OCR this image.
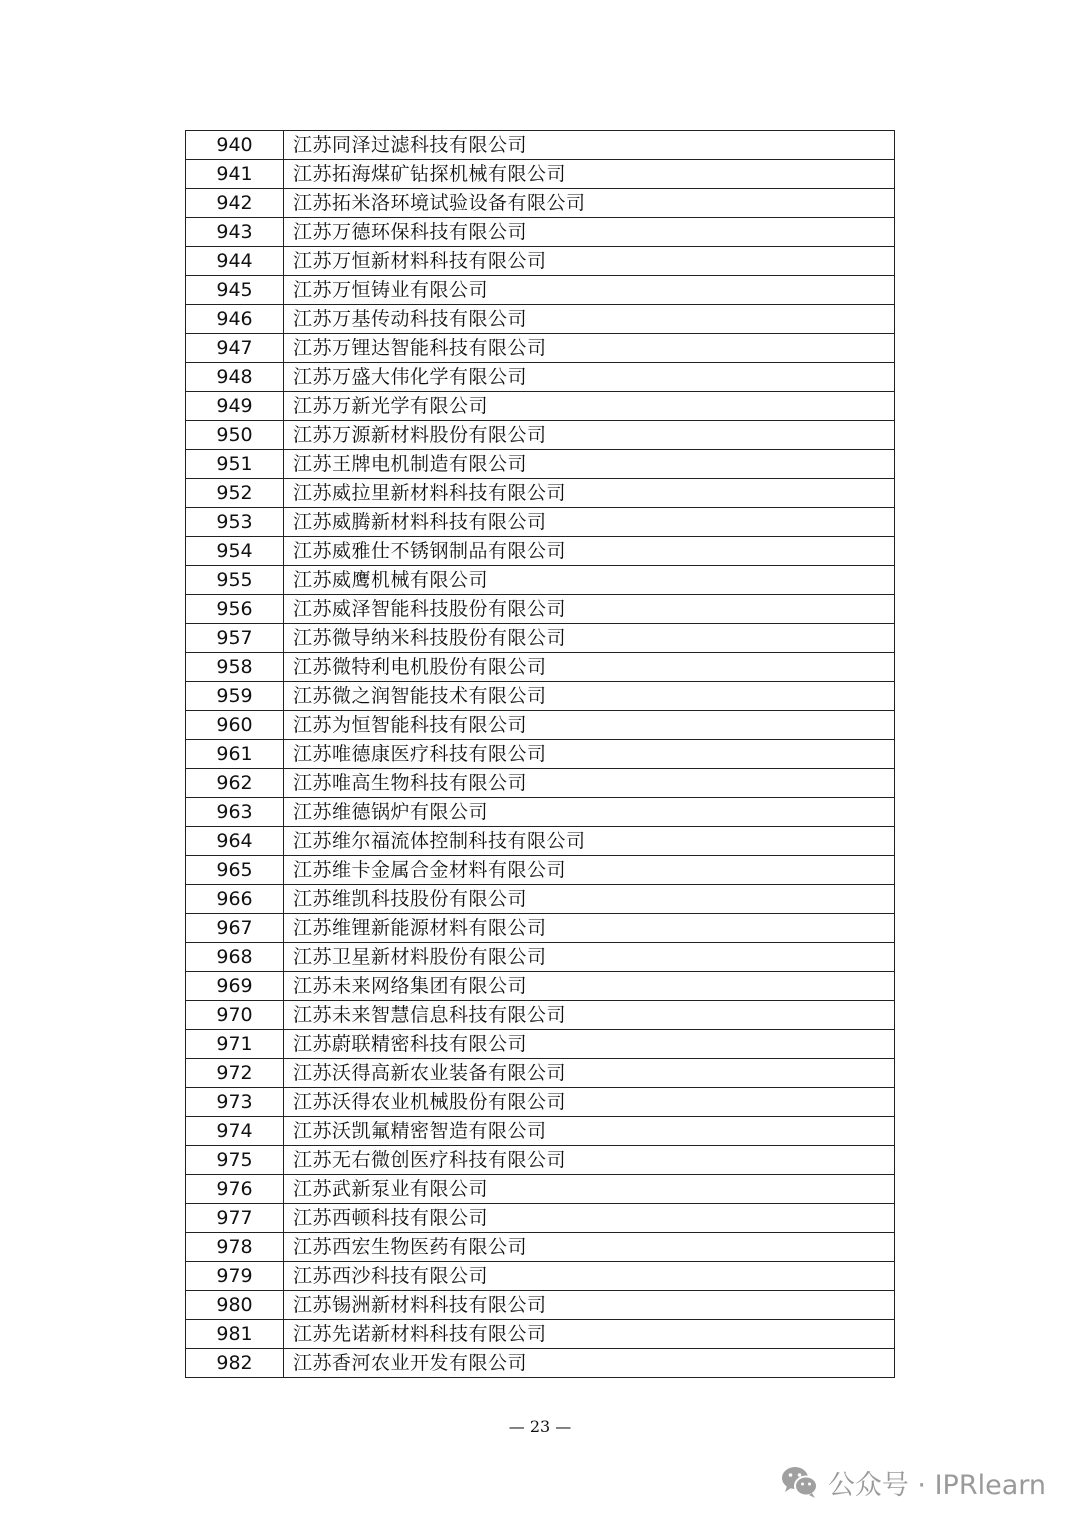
940	江苏同泽过滤科技有限公司
941	江苏拓海煤矿钻探机械有限公司
942	江苏拓米洛环境试验设备有限公司
943	江苏万德环保科技有限公司
944	江苏万恒新材料科技有限公司
945	江苏万恒铸业有限公司
946	江苏万基传动科技有限公司
947	江苏万锂达智能科技有限公司
948	江苏万盛大伟化学有限公司
949	江苏万新光学有限公司
950	江苏万源新材料股份有限公司
951	江苏王牌电机制造有限公司
952	江苏威拉里新材料科技有限公司
953	江苏威腾新材料科技有限公司
954	江苏威雅仕不锈钢制品有限公司
955	江苏威鹰机械有限公司
956	江苏威泽智能科技股份有限公司
957	江苏微导纳米科技股份有限公司
958	江苏微特利电机股份有限公司
959	江苏微之润智能技术有限公司
960	江苏为恒智能科技有限公司
961	江苏唯德康医疗科技有限公司
962	江苏唯高生物科技有限公司
963	江苏维德锅炉有限公司
964	江苏维尔福流体控制科技有限公司
965	江苏维卡金属合金材料有限公司
966	江苏维凯科技股份有限公司
967	江苏维锂新能源材料有限公司
968	江苏卫星新材料股份有限公司
969	江苏未来网络集团有限公司
970	江苏未来智慧信息科技有限公司
971	江苏蔚联精密科技有限公司
972	江苏沃得高新农业装备有限公司
973	江苏沃得农业机械股份有限公司
974	江苏沃凯氟精密智造有限公司
975	江苏无右微创医疗科技有限公司
976	江苏武新泵业有限公司
977	江苏西顿科技有限公司
978	江苏西宏生物医药有限公司
979	江苏西沙科技有限公司
980	江苏锡洲新材料科技有限公司
981	江苏先诺新材料科技有限公司
982	江苏香河农业开发有限公司
— 23 —
公众号 · IPRlearn
